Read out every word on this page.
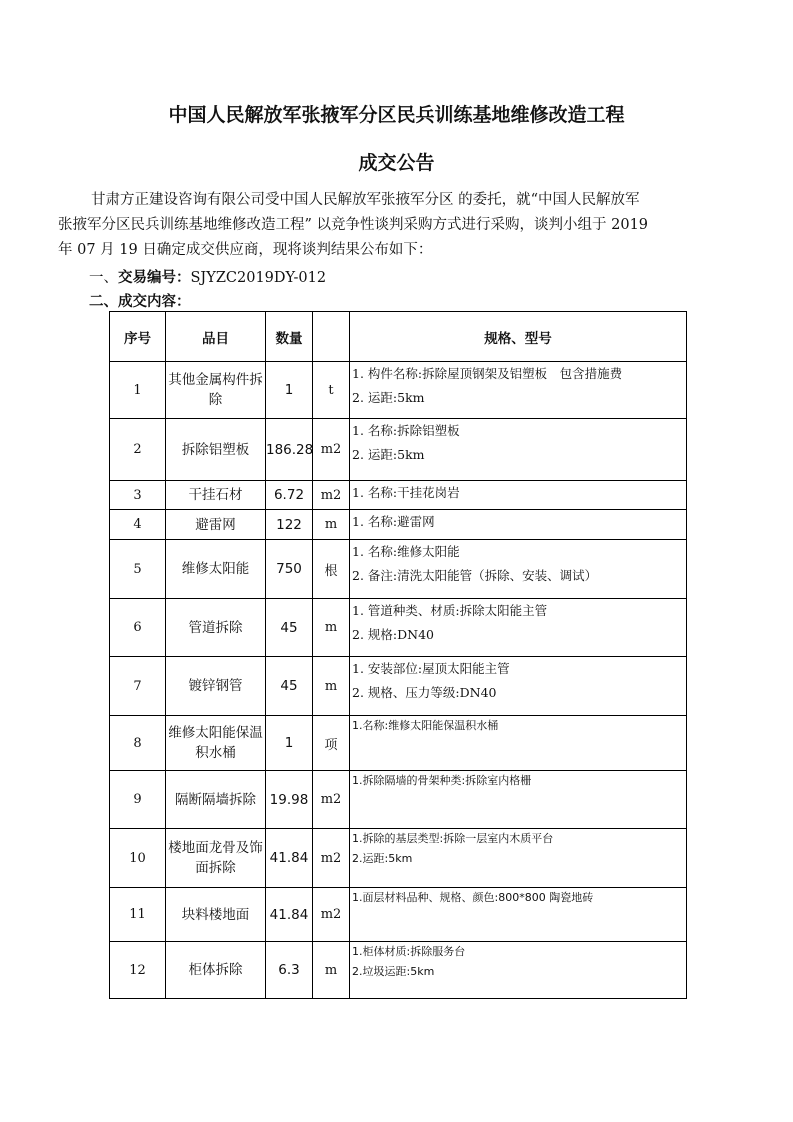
中国人民解放军张掖军分区民兵训练基地维修改造工程
成交公告
甘肃方正建设咨询有限公司受中国人民解放军张掖军分区 的委托，就“中国人民解放军
张掖军分区民兵训练基地维修改造工程” 以竞争性谈判采购方式进行采购，谈判小组于 2019
年 07 月 19 日确定成交供应商，现将谈判结果公布如下：
一、交易编号：SJYZC2019DY-012
二、成交内容：
序号	品目	数量		规格、型号
1	其他金属构件拆除	1	t	1. 构件名称:拆除屋顶钢架及铝塑板　包含措施费
2. 运距:5km

2	拆除铝塑板	186.28	m2	1. 名称:拆除铝塑板
2. 运距:5km

3	干挂石材	6.72	m2	1. 名称:干挂花岗岩

4	避雷网	122	m	1. 名称:避雷网

5	维修太阳能	750	根	1. 名称:维修太阳能
2. 备注:清洗太阳能管（拆除、安装、调试）

6	管道拆除	45	m	1. 管道种类、材质:拆除太阳能主管
2. 规格:DN40

7	镀锌钢管	45	m	1. 安装部位:屋顶太阳能主管
2. 规格、压力等级:DN40

8	维修太阳能保温积水桶	1	项	1.名称:维修太阳能保温积水桶

9	隔断隔墙拆除	19.98	m2	1.拆除隔墙的骨架种类:拆除室内格栅

10	楼地面龙骨及饰面拆除	41.84	m2	1.拆除的基层类型:拆除一层室内木质平台
2.运距:5km

11	块料楼地面	41.84	m2	1.面层材料品种、规格、颜色:800*800 陶瓷地砖

12	柜体拆除	6.3	m	1.柜体材质:拆除服务台
2.垃圾运距:5km
